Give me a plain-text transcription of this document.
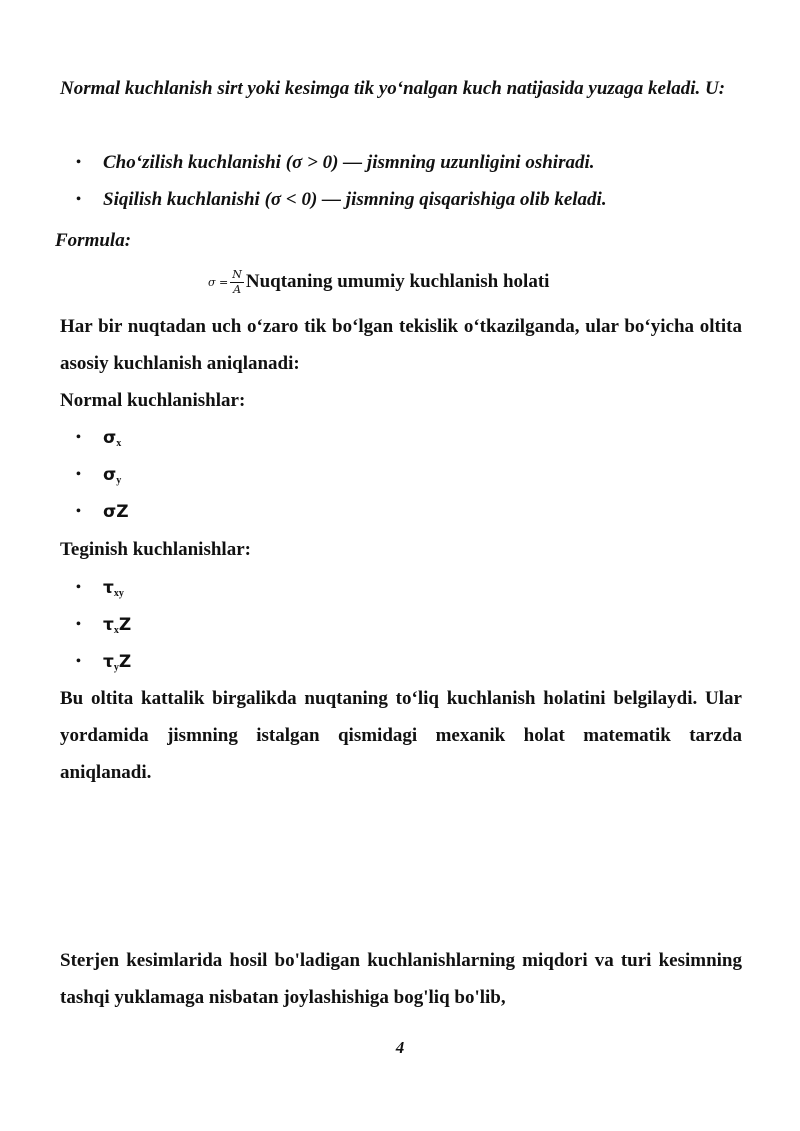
Normal kuchlanish sirt yoki kesimga tik yo‘nalgan kuch natijasida yuzaga keladi. U:

• Cho‘zilish kuchlanishi (σ > 0) — jismning uzunligini oshiradi.
• Siqilish kuchlanishi (σ < 0) — jismning qisqarishiga olib keladi.
Formula:
$\sigma = \frac{N}{A}$ Nuqtaning umumiy kuchlanish holati

Har bir nuqtadan uch o‘zaro tik bo‘lgan tekislik o‘tkazilganda, ular bo‘yicha oltita asosiy kuchlanish aniqlanadi:

Normal kuchlanishlar:
• $\sigma_x$
• $\sigma_y$
• σZ
Teginish kuchlanishlar:
• $\tau_{xy}$
• $\tau_xZ$
• $\tau_yZ$

Bu oltita kattalik birgalikda nuqtaning to‘liq kuchlanish holatini belgilaydi. Ular yordamida jismning istalgan qismidagi mexanik holat matematik tarzda aniqlanadi.

Sterjen kesimlarida hosil bo'ladigan kuchlanishlarning miqdori va turi kesimning tashqi yuklamaga nisbatan joylashishiga bog'liq bo'lib,

4
